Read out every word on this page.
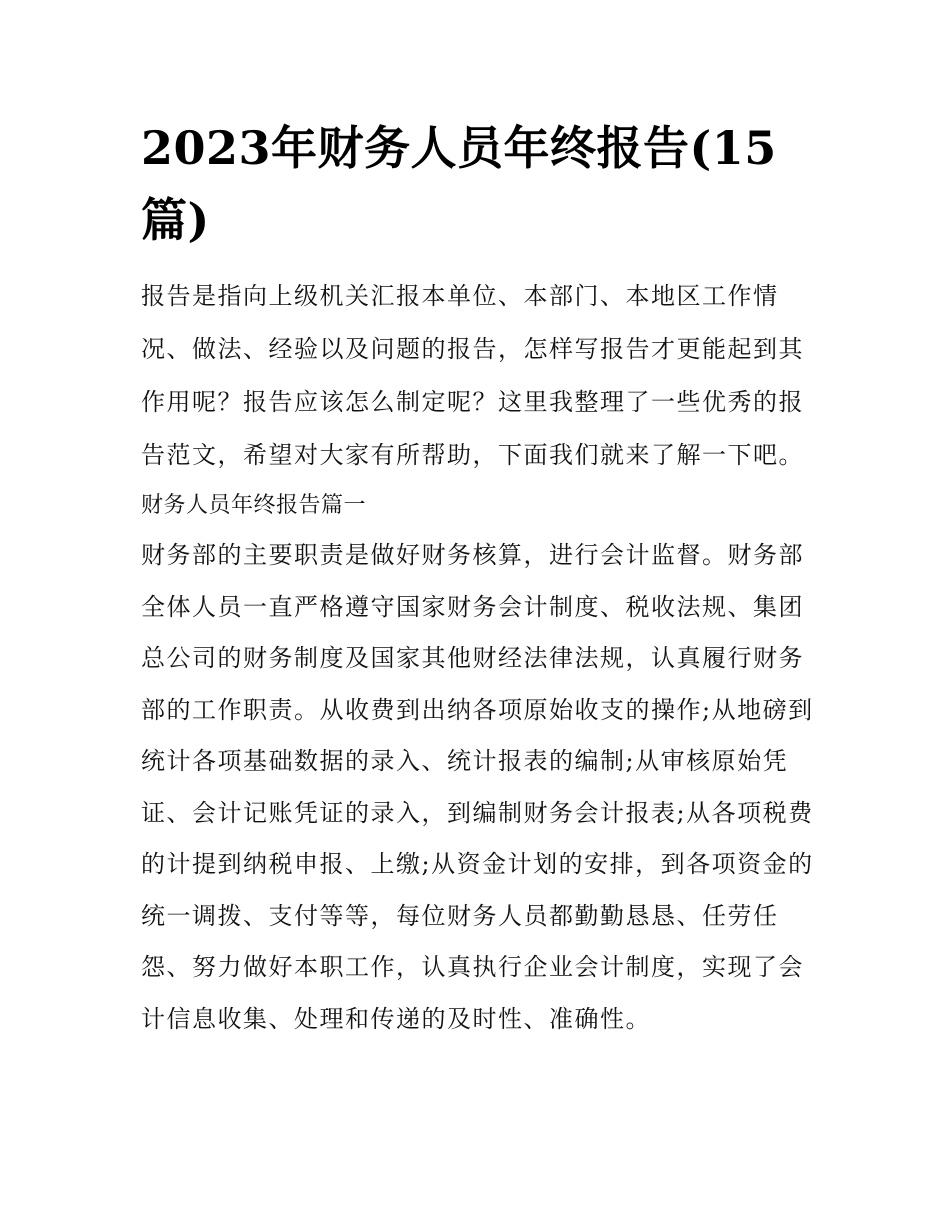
2023年财务人员年终报告(15篇)

报告是指向上级机关汇报本单位、本部门、本地区工作情况、做法、经验以及问题的报告，怎样写报告才更能起到其作用呢？报告应该怎么制定呢？这里我整理了一些优秀的报告范文，希望对大家有所帮助，下面我们就来了解一下吧。

财务人员年终报告篇一

财务部的主要职责是做好财务核算，进行会计监督。财务部全体人员一直严格遵守国家财务会计制度、税收法规、集团总公司的财务制度及国家其他财经法律法规，认真履行财务部的工作职责。从收费到出纳各项原始收支的操作;从地磅到统计各项基础数据的录入、统计报表的编制;从审核原始凭证、会计记账凭证的录入，到编制财务会计报表;从各项税费的计提到纳税申报、上缴;从资金计划的安排，到各项资金的统一调拨、支付等等，每位财务人员都勤勤恳恳、任劳任怨、努力做好本职工作，认真执行企业会计制度，实现了会计信息收集、处理和传递的及时性、准确性。
